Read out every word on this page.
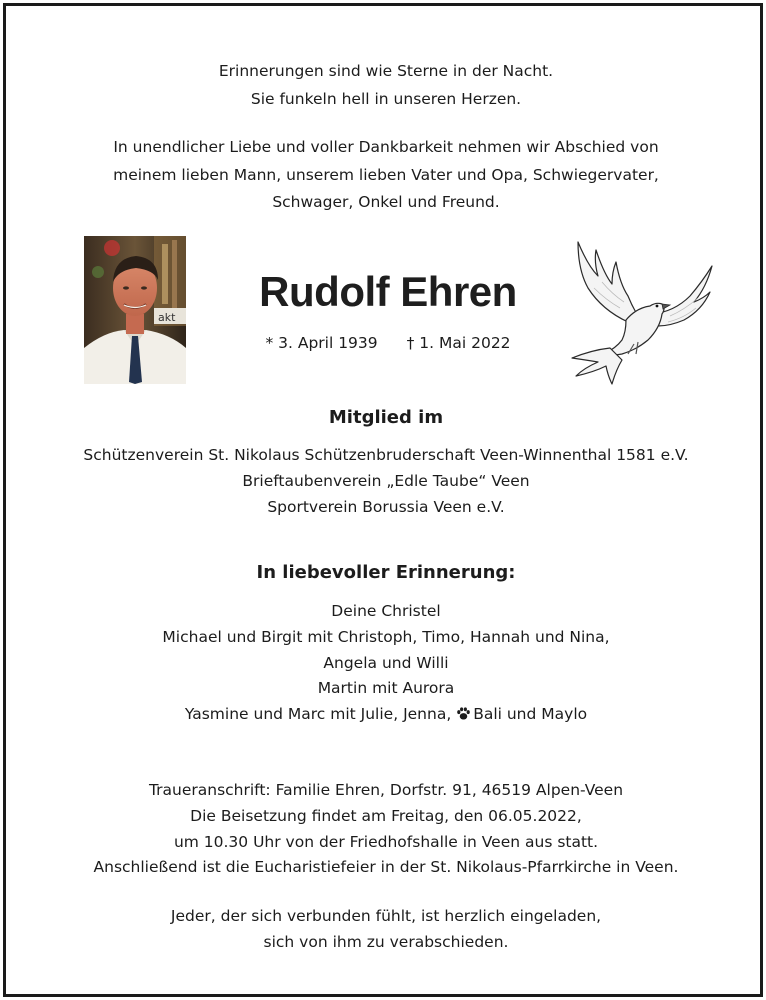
Erinnerungen sind wie Sterne in der Nacht.
Sie funkeln hell in unseren Herzen.
In unendlicher Liebe und voller Dankbarkeit nehmen wir Abschied von
meinem lieben Mann, unserem lieben Vater und Opa, Schwiegervater,
Schwager, Onkel und Freund.
akt
Rudolf Ehren
* 3. April 1939 † 1. Mai 2022
Mitglied im
Schützenverein St. Nikolaus Schützenbruderschaft Veen-Winnenthal 1581 e.V.
Brieftaubenverein „Edle Taube“ Veen
Sportverein Borussia Veen e.V.
In liebevoller Erinnerung:
Deine Christel
Michael und Birgit mit Christoph, Timo, Hannah und Nina,
Angela und Willi
Martin mit Aurora
Yasmine und Marc mit Julie, Jenna, Bali und Maylo
Traueranschrift: Familie Ehren, Dorfstr. 91, 46519 Alpen-Veen
Die Beisetzung findet am Freitag, den 06.05.2022,
um 10.30 Uhr von der Friedhofshalle in Veen aus statt.
Anschließend ist die Eucharistiefeier in der St. Nikolaus-Pfarrkirche in Veen.
Jeder, der sich verbunden fühlt, ist herzlich eingeladen,
sich von ihm zu verabschieden.
